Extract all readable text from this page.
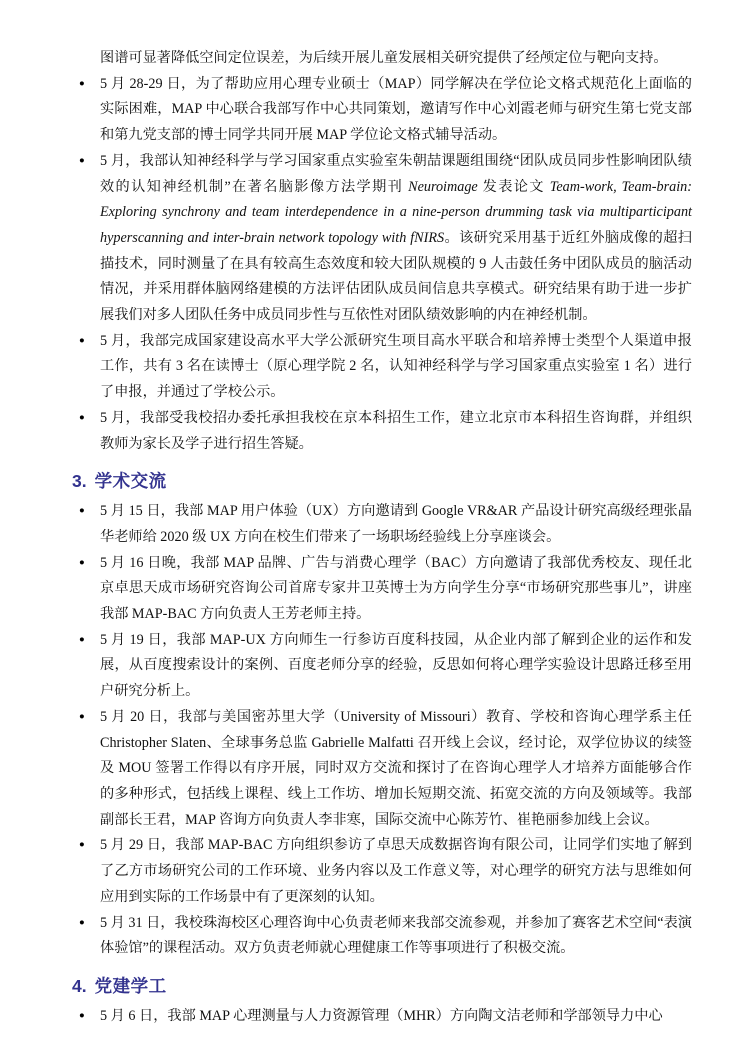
图谱可显著降低空间定位误差，为后续开展儿童发展相关研究提供了经颅定位与靶向支持。

● 5 月 28-29 日，为了帮助应用心理专业硕士（MAP）同学解决在学位论文格式规范化上面临的实际困难，MAP 中心联合我部写作中心共同策划，邀请写作中心刘霞老师与研究生第七党支部和第九党支部的博士同学共同开展 MAP 学位论文格式辅导活动。
● 5 月，我部认知神经科学与学习国家重点实验室朱朝喆课题组围绕“团队成员同步性影响团队绩效的认知神经机制”在著名脑影像方法学期刊 Neuroimage 发表论文 Team-work, Team-brain: Exploring synchrony and team interdependence in a nine-person drumming task via multiparticipant hyperscanning and inter-brain network topology with fNIRS。该研究采用基于近红外脑成像的超扫描技术，同时测量了在具有较高生态效度和较大团队规模的 9 人击鼓任务中团队成员的脑活动情况，并采用群体脑网络建模的方法评估团队成员间信息共享模式。研究结果有助于进一步扩展我们对多人团队任务中成员同步性与互依性对团队绩效影响的内在神经机制。
● 5 月，我部完成国家建设高水平大学公派研究生项目高水平联合和培养博士类型个人渠道申报工作，共有 3 名在读博士（原心理学院 2 名，认知神经科学与学习国家重点实验室 1 名）进行了申报，并通过了学校公示。
● 5 月，我部受我校招办委托承担我校在京本科招生工作，建立北京市本科招生咨询群，并组织教师为家长及学子进行招生答疑。
3. 学术交流
● 5 月 15 日，我部 MAP 用户体验（UX）方向邀请到 Google VR&AR 产品设计研究高级经理张晶华老师给 2020 级 UX 方向在校生们带来了一场职场经验线上分享座谈会。
● 5 月 16 日晚，我部 MAP 品牌、广告与消费心理学（BAC）方向邀请了我部优秀校友、现任北京卓思天成市场研究咨询公司首席专家井卫英博士为方向学生分享“市场研究那些事儿”，讲座我部 MAP-BAC 方向负责人王芳老师主持。
● 5 月 19 日，我部 MAP-UX 方向师生一行参访百度科技园，从企业内部了解到企业的运作和发展，从百度搜索设计的案例、百度老师分享的经验，反思如何将心理学实验设计思路迁移至用户研究分析上。
● 5 月 20 日，我部与美国密苏里大学（University of Missouri）教育、学校和咨询心理学系主任 Christopher Slaten、全球事务总监 Gabrielle Malfatti 召开线上会议，经讨论，双学位协议的续签及 MOU 签署工作得以有序开展，同时双方交流和探讨了在咨询心理学人才培养方面能够合作的多种形式，包括线上课程、线上工作坊、增加长短期交流、拓宽交流的方向及领域等。我部副部长王君，MAP 咨询方向负责人李非寒，国际交流中心陈芳竹、崔艳丽参加线上会议。
● 5 月 29 日，我部 MAP-BAC 方向组织参访了卓思天成数据咨询有限公司，让同学们实地了解到了乙方市场研究公司的工作环境、业务内容以及工作意义等，对心理学的研究方法与思维如何应用到实际的工作场景中有了更深刻的认知。
● 5 月 31 日，我校珠海校区心理咨询中心负责老师来我部交流参观，并参加了赛客艺术空间“表演体验馆”的课程活动。双方负责老师就心理健康工作等事项进行了积极交流。
4. 党建学工
● 5 月 6 日，我部 MAP 心理测量与人力资源管理（MHR）方向陶文洁老师和学部领导力中心
